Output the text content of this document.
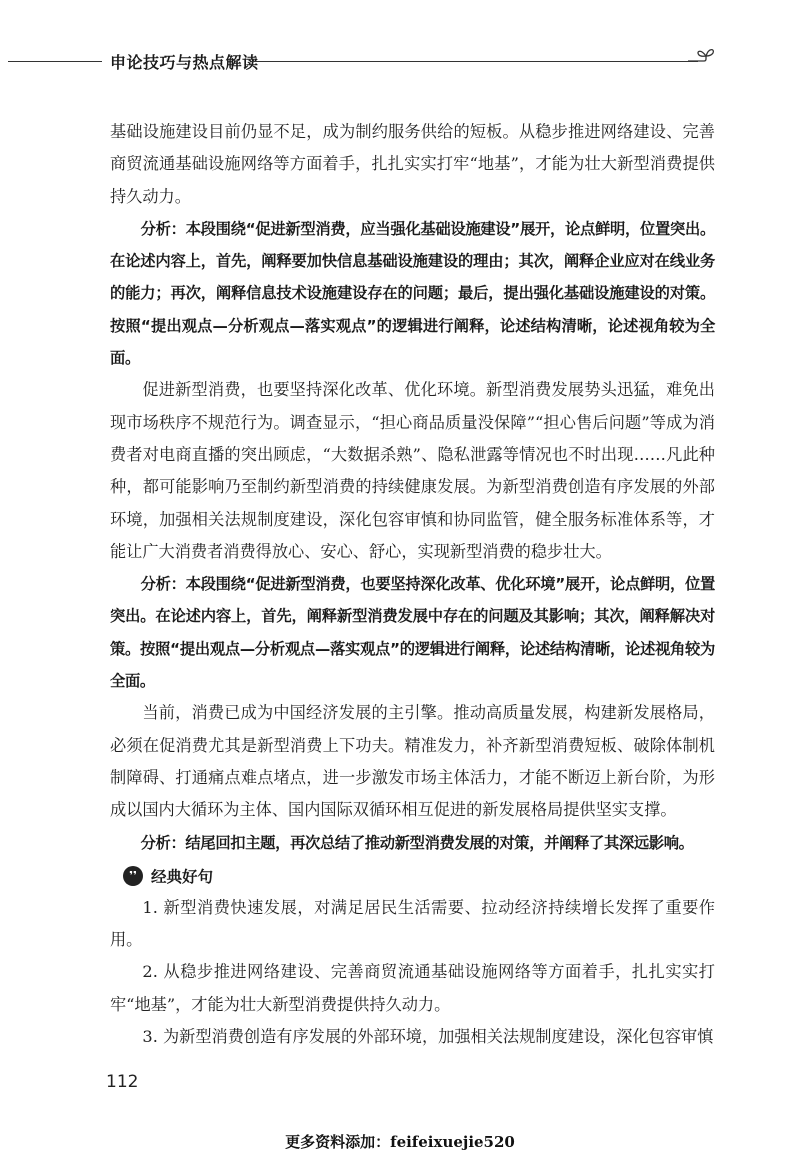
申论技巧与热点解读

基础设施建设目前仍显不足，成为制约服务供给的短板。从稳步推进网络建设、完善商贸流通基础设施网络等方面着手，扎扎实实打牢“地基”，才能为壮大新型消费提供持久动力。

分析：本段围绕“促进新型消费，应当强化基础设施建设”展开，论点鲜明，位置突出。在论述内容上，首先，阐释要加快信息基础设施建设的理由；其次，阐释企业应对在线业务的能力；再次，阐释信息技术设施建设存在的问题；最后，提出强化基础设施建设的对策。按照“提出观点—分析观点—落实观点”的逻辑进行阐释，论述结构清晰，论述视角较为全面。

促进新型消费，也要坚持深化改革、优化环境。新型消费发展势头迅猛，难免出现市场秩序不规范行为。调查显示，“担心商品质量没保障”“担心售后问题”等成为消费者对电商直播的突出顾虑，“大数据杀熟”、隐私泄露等情况也不时出现……凡此种种，都可能影响乃至制约新型消费的持续健康发展。为新型消费创造有序发展的外部环境，加强相关法规制度建设，深化包容审慎和协同监管，健全服务标准体系等，才能让广大消费者消费得放心、安心、舒心，实现新型消费的稳步壮大。

分析：本段围绕“促进新型消费，也要坚持深化改革、优化环境”展开，论点鲜明，位置突出。在论述内容上，首先，阐释新型消费发展中存在的问题及其影响；其次，阐释解决对策。按照“提出观点—分析观点—落实观点”的逻辑进行阐释，论述结构清晰，论述视角较为全面。

当前，消费已成为中国经济发展的主引擎。推动高质量发展，构建新发展格局，必须在促消费尤其是新型消费上下功夫。精准发力，补齐新型消费短板、破除体制机制障碍、打通痛点难点堵点，进一步激发市场主体活力，才能不断迈上新台阶，为形成以国内大循环为主体、国内国际双循环相互促进的新发展格局提供坚实支撑。

分析：结尾回扣主题，再次总结了推动新型消费发展的对策，并阐释了其深远影响。

❜❜ 经典好句

1. 新型消费快速发展，对满足居民生活需要、拉动经济持续增长发挥了重要作用。

2. 从稳步推进网络建设、完善商贸流通基础设施网络等方面着手，扎扎实实打牢“地基”，才能为壮大新型消费提供持久动力。

3. 为新型消费创造有序发展的外部环境，加强相关法规制度建设，深化包容审慎

112
更多资料添加：feifeixuejie520
